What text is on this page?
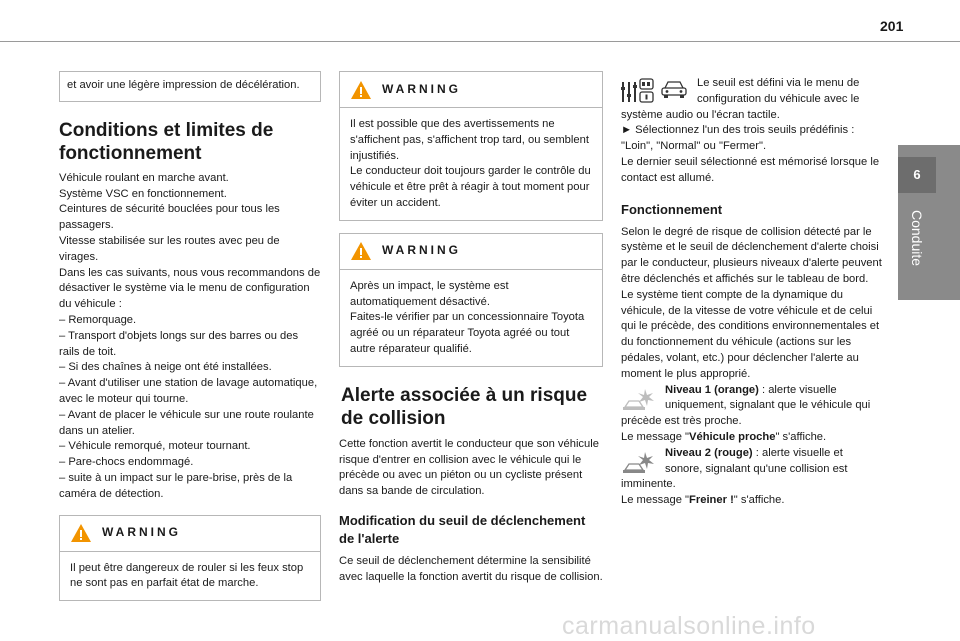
201
6
Conduite

et avoir une légère impression de décélération.

Conditions et limites de fonctionnement

Véhicule roulant en marche avant.

Système VSC en fonctionnement.

Ceintures de sécurité bouclées pour tous les passagers.

Vitesse stabilisée sur les routes avec peu de virages.

Dans les cas suivants, nous vous recommandons de désactiver le système via le menu de configuration du véhicule :

– Remorquage.

– Transport d'objets longs sur des barres ou des rails de toit.

– Si des chaînes à neige ont été installées.

– Avant d'utiliser une station de lavage automatique, avec le moteur qui tourne.

– Avant de placer le véhicule sur une route roulante dans un atelier.

– Véhicule remorqué, moteur tournant.

– Pare-chocs endommagé.

– suite à un impact sur le pare-brise, près de la caméra de détection.

WARNING

Il peut être dangereux de rouler si les feux stop ne sont pas en parfait état de marche.

WARNING

Il est possible que des avertissements ne s'affichent pas, s'affichent trop tard, ou semblent injustifiés.

Le conducteur doit toujours garder le contrôle du véhicule et être prêt à réagir à tout moment pour éviter un accident.

WARNING

Après un impact, le système est automatiquement désactivé.

Faites-le vérifier par un concessionnaire Toyota agréé ou un réparateur Toyota agréé ou tout autre réparateur qualifié.

Alerte associée à un risque de collision

Cette fonction avertit le conducteur que son véhicule risque d'entrer en collision avec le véhicule qui le précède ou avec un piéton ou un cycliste présent dans sa bande de circulation.

Modification du seuil de déclenchement de l'alerte

Ce seuil de déclenchement détermine la sensibilité avec laquelle la fonction avertit du risque de collision.

Le seuil est défini via le menu de configuration du véhicule avec le système audio ou l'écran tactile.

► Sélectionnez l'un des trois seuils prédéfinis : "Loin", "Normal" ou "Fermer".

Le dernier seuil sélectionné est mémorisé lorsque le contact est allumé.

Fonctionnement

Selon le degré de risque de collision détecté par le système et le seuil de déclenchement d'alerte choisi par le conducteur, plusieurs niveaux d'alerte peuvent être déclenchés et affichés sur le tableau de bord.

Le système tient compte de la dynamique du véhicule, de la vitesse de votre véhicule et de celui qui le précède, des conditions environnementales et du fonctionnement du véhicule (actions sur les pédales, volant, etc.) pour déclencher l'alerte au moment le plus approprié.

Niveau 1 (orange) : alerte visuelle uniquement, signalant que le véhicule qui précède est très proche.

Le message "Véhicule proche" s'affiche.

Niveau 2 (rouge) : alerte visuelle et sonore, signalant qu'une collision est imminente.

Le message "Freiner !" s'affiche.

carmanualsonline.info
